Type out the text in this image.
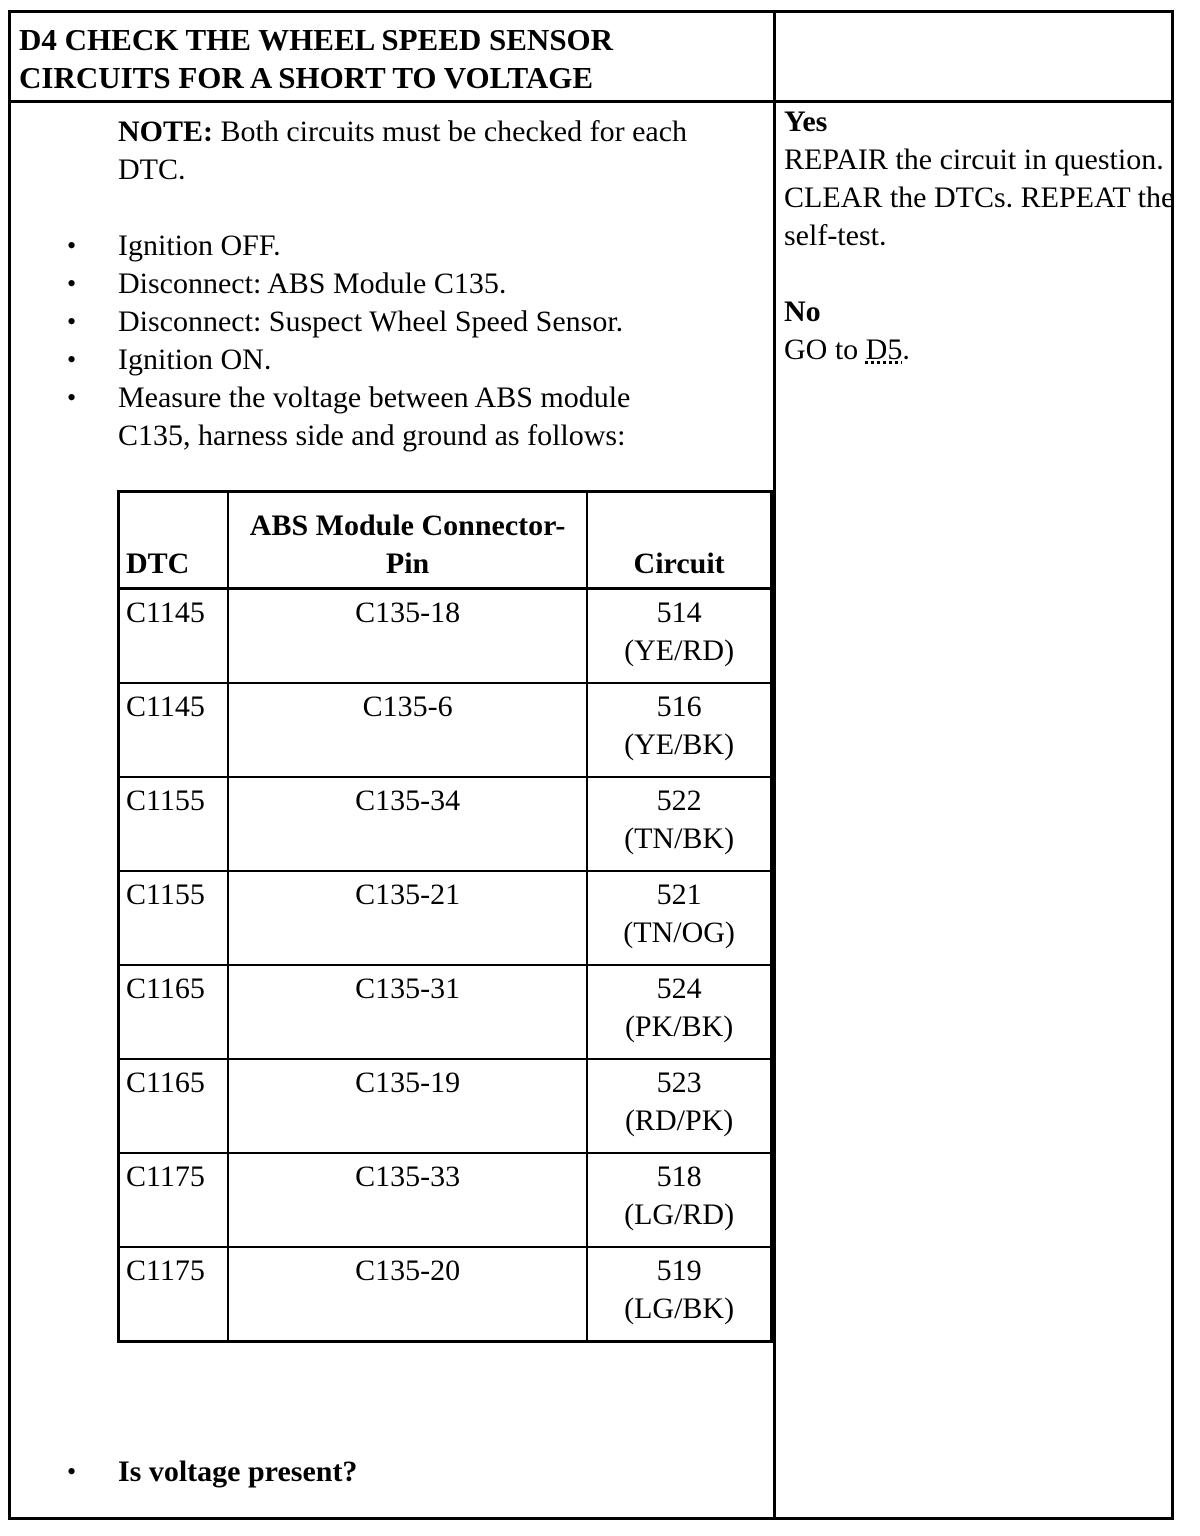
D4 CHECK THE WHEEL SPEED SENSOR CIRCUITS FOR A SHORT TO VOLTAGE
NOTE: Both circuits must be checked for each DTC.
• Ignition OFF.
• Disconnect: ABS Module C135.
• Disconnect: Suspect Wheel Speed Sensor.
• Ignition ON.
• Measure the voltage between ABS module C135, harness side and ground as follows:
DTC	ABS Module Connector-Pin	Circuit
C1145	C135-18	514
(YE/RD)
C1145	C135-6	516
(YE/BK)
C1155	C135-34	522
(TN/BK)
C1155	C135-21	521
(TN/OG)
C1165	C135-31	524
(PK/BK)
C1165	C135-19	523
(RD/PK)
C1175	C135-33	518
(LG/RD)
C1175	C135-20	519
(LG/BK)
• Is voltage present?
Yes
REPAIR the circuit in question. CLEAR the DTCs. REPEAT the self-test.
No
GO to D5.
